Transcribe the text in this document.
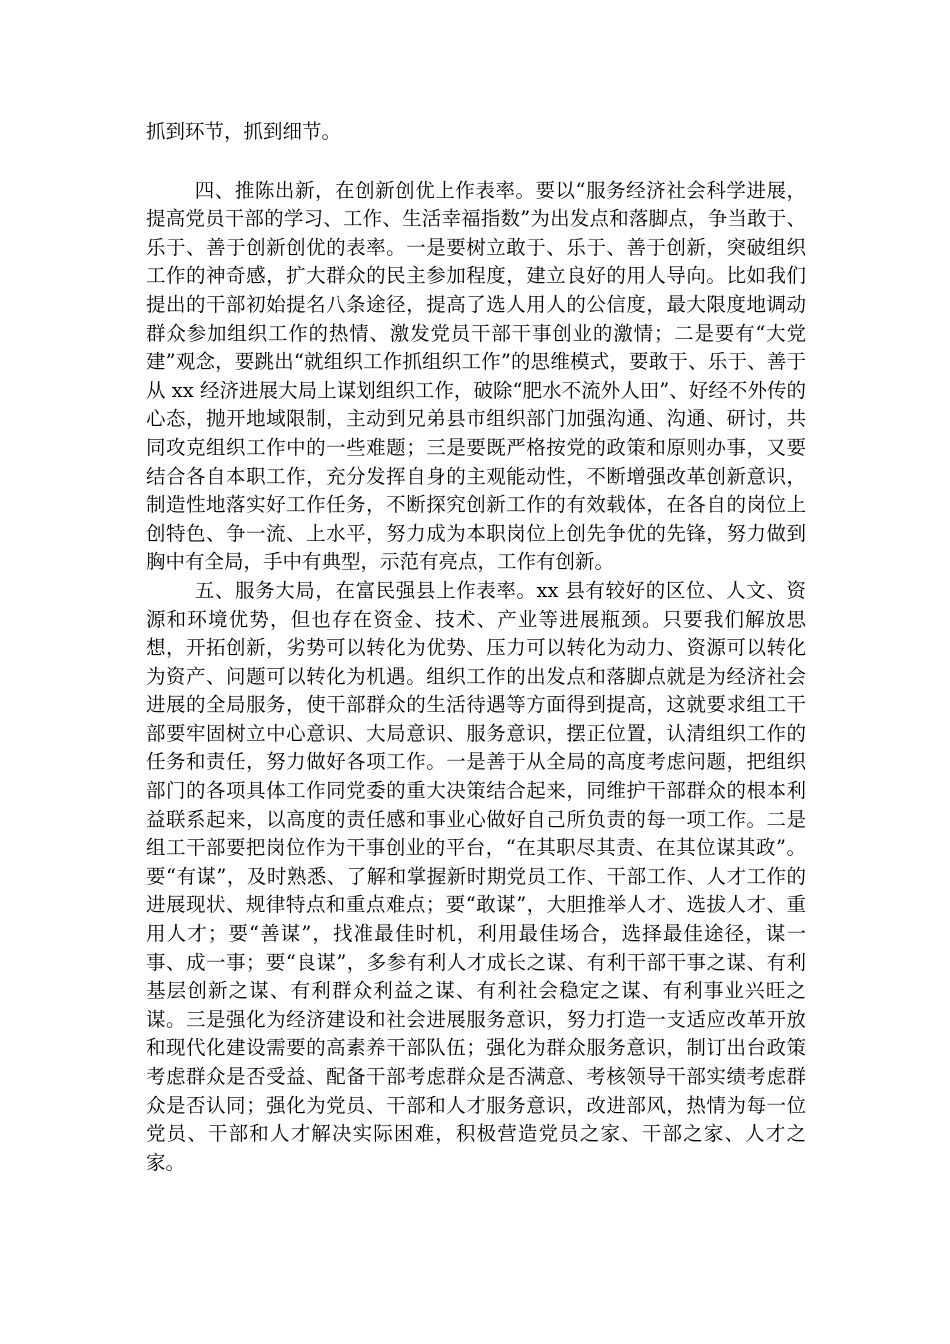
抓到环节，抓到细节。

四、推陈出新，在创新创优上作表率。要以“服务经济社会科学进展，提高党员干部的学习、工作、生活幸福指数”为出发点和落脚点，争当敢于、乐于、善于创新创优的表率。一是要树立敢于、乐于、善于创新，突破组织工作的神奇感，扩大群众的民主参加程度，建立良好的用人导向。比如我们提出的干部初始提名八条途径，提高了选人用人的公信度，最大限度地调动群众参加组织工作的热情、激发党员干部干事创业的激情；二是要有“大党建”观念，要跳出“就组织工作抓组织工作”的思维模式，要敢于、乐于、善于从 xx 经济进展大局上谋划组织工作，破除“肥水不流外人田”、好经不外传的心态，抛开地域限制，主动到兄弟县市组织部门加强沟通、沟通、研讨，共同攻克组织工作中的一些难题；三是要既严格按党的政策和原则办事，又要结合各自本职工作，充分发挥自身的主观能动性，不断增强改革创新意识，制造性地落实好工作任务，不断探究创新工作的有效载体，在各自的岗位上创特色、争一流、上水平，努力成为本职岗位上创先争优的先锋，努力做到胸中有全局，手中有典型，示范有亮点，工作有创新。

五、服务大局，在富民强县上作表率。xx 县有较好的区位、人文、资源和环境优势，但也存在资金、技术、产业等进展瓶颈。只要我们解放思想，开拓创新，劣势可以转化为优势、压力可以转化为动力、资源可以转化为资产、问题可以转化为机遇。组织工作的出发点和落脚点就是为经济社会进展的全局服务，使干部群众的生活待遇等方面得到提高，这就要求组工干部要牢固树立中心意识、大局意识、服务意识，摆正位置，认清组织工作的任务和责任，努力做好各项工作。一是善于从全局的高度考虑问题，把组织部门的各项具体工作同党委的重大决策结合起来，同维护干部群众的根本利益联系起来，以高度的责任感和事业心做好自己所负责的每一项工作。二是组工干部要把岗位作为干事创业的平台，“在其职尽其责、在其位谋其政”。要“有谋”，及时熟悉、了解和掌握新时期党员工作、干部工作、人才工作的进展现状、规律特点和重点难点；要“敢谋”，大胆推举人才、选拔人才、重用人才；要“善谋”，找准最佳时机，利用最佳场合，选择最佳途径，谋一事、成一事；要“良谋”，多参有利人才成长之谋、有利干部干事之谋、有利基层创新之谋、有利群众利益之谋、有利社会稳定之谋、有利事业兴旺之谋。三是强化为经济建设和社会进展服务意识，努力打造一支适应改革开放和现代化建设需要的高素养干部队伍；强化为群众服务意识，制订出台政策考虑群众是否受益、配备干部考虑群众是否满意、考核领导干部实绩考虑群众是否认同；强化为党员、干部和人才服务意识，改进部风，热情为每一位党员、干部和人才解决实际困难，积极营造党员之家、干部之家、人才之家。
